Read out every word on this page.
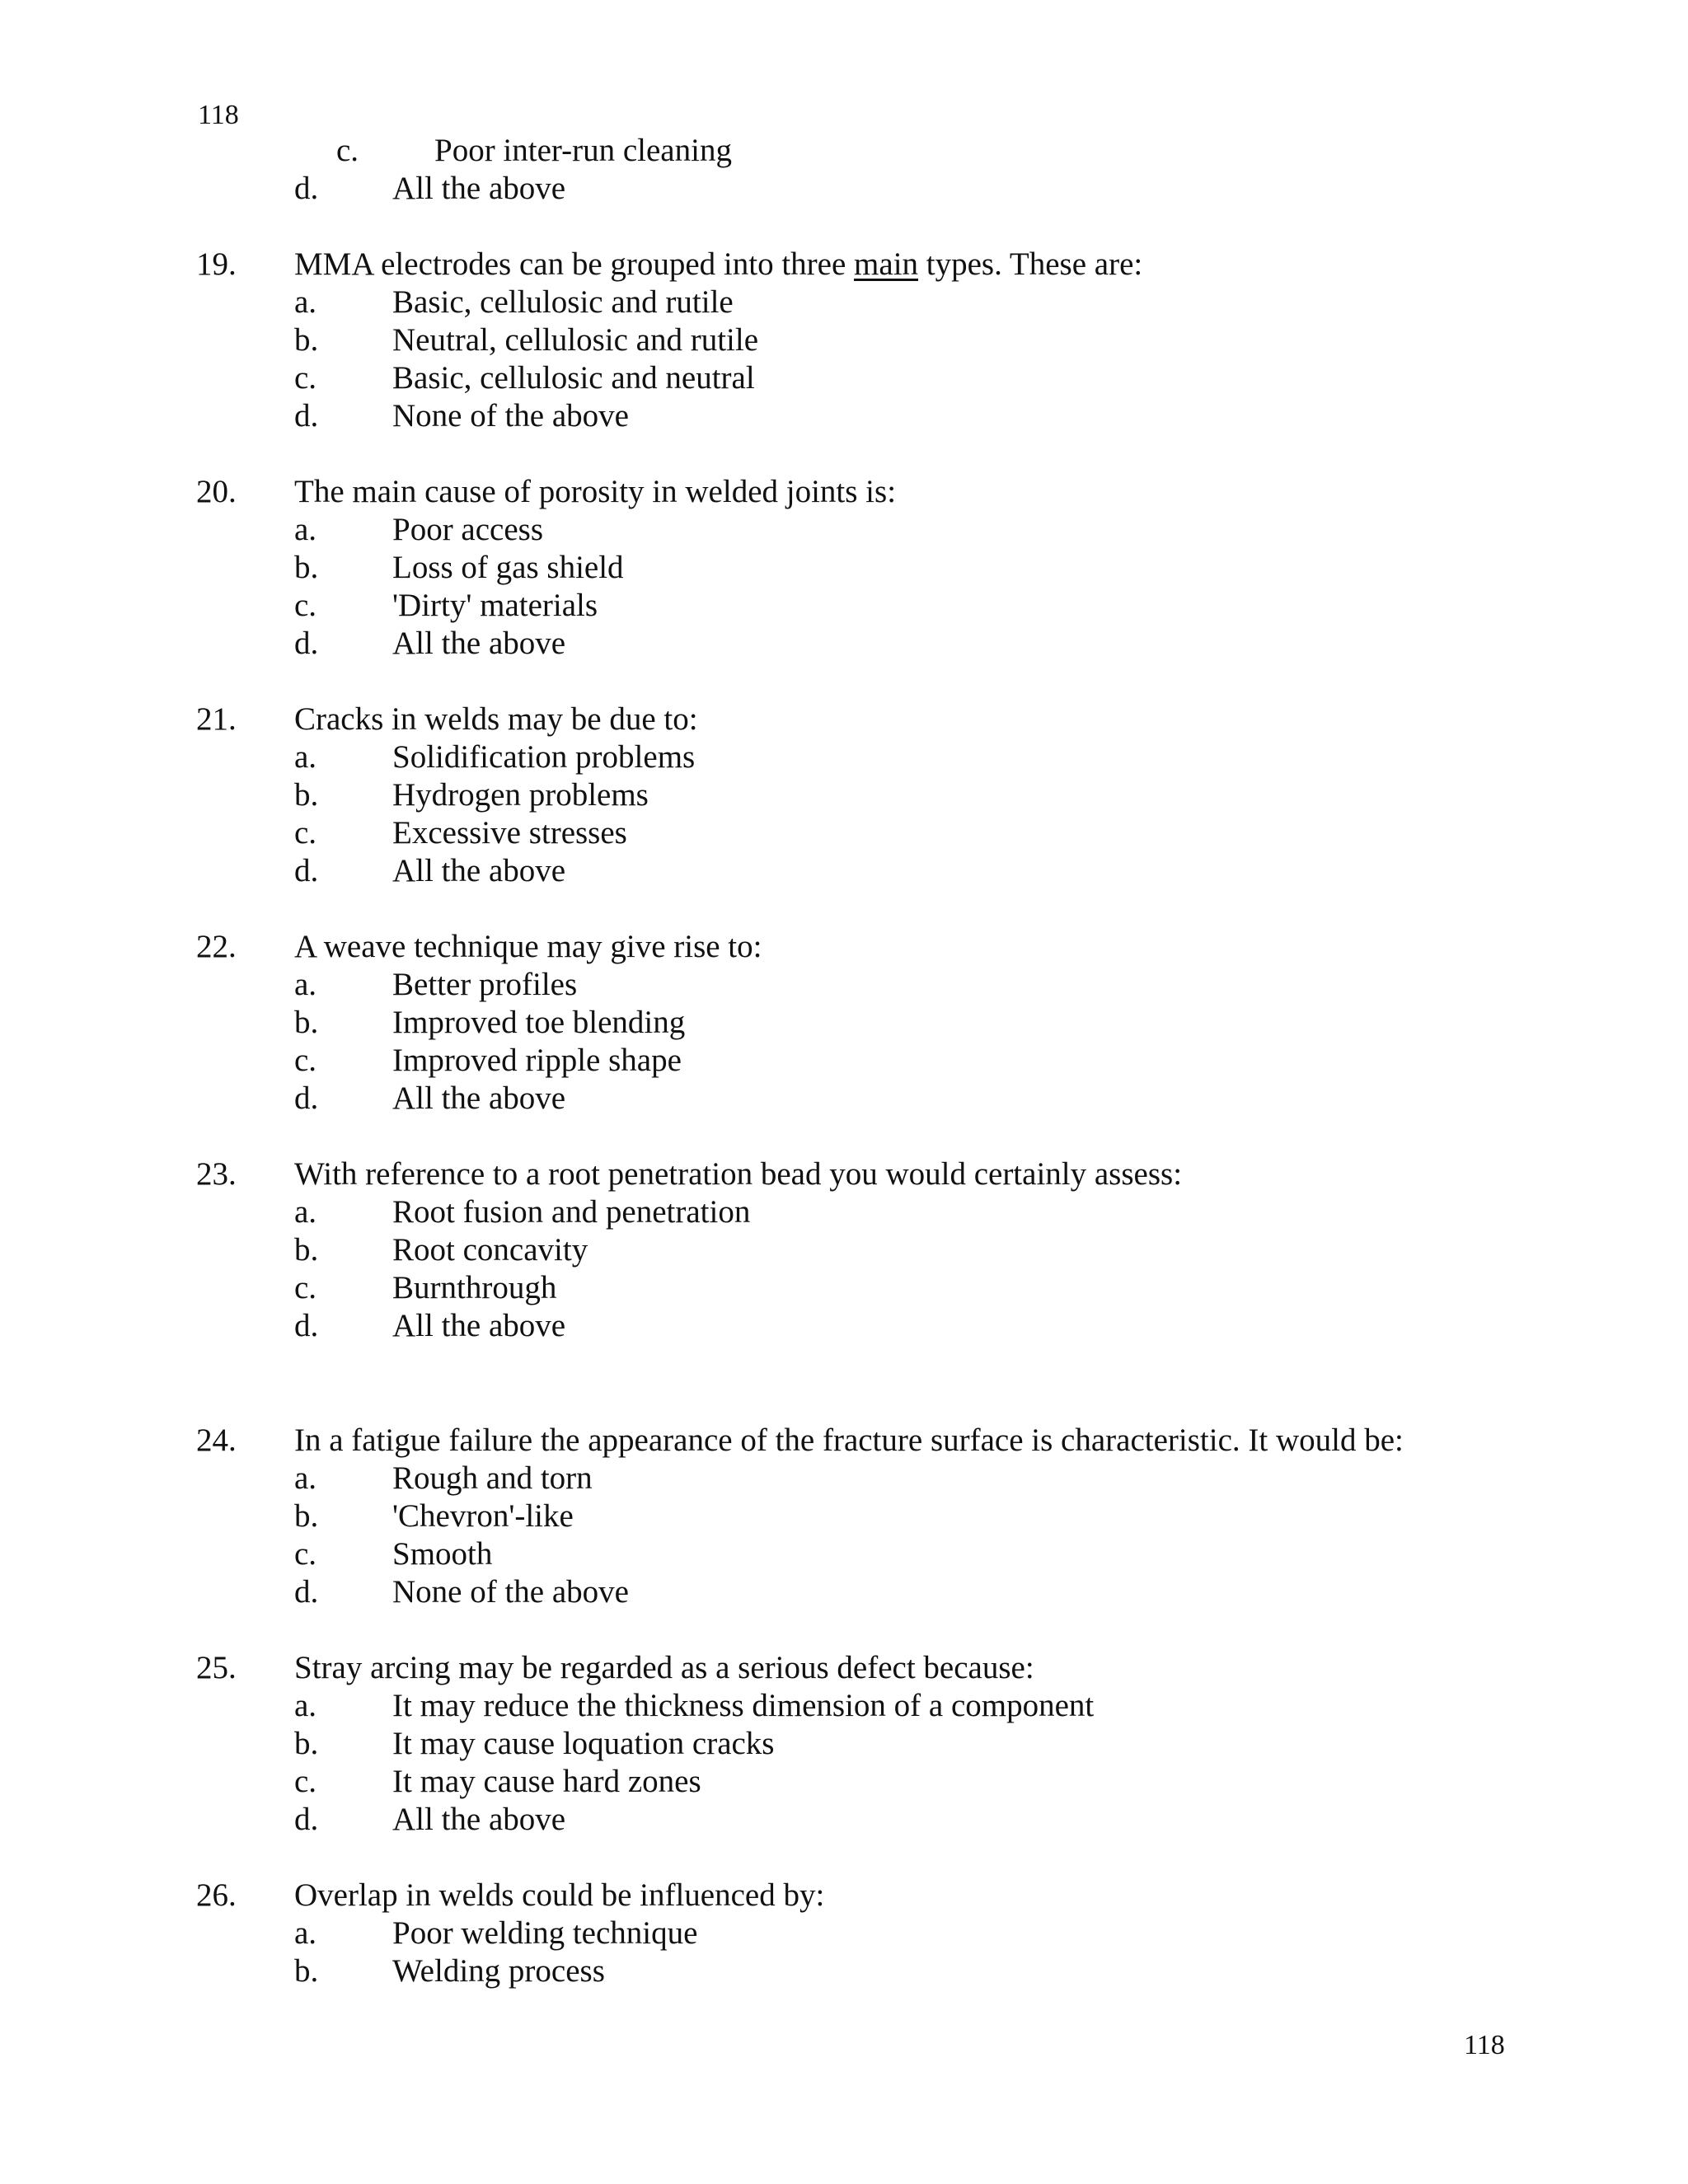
118
c. Poor inter-run cleaning
d. All the above
19. MMA electrodes can be grouped into three main types. These are:
a. Basic, cellulosic and rutile
b. Neutral, cellulosic and rutile
c. Basic, cellulosic and neutral
d. None of the above
20. The main cause of porosity in welded joints is:
a. Poor access
b. Loss of gas shield
c. 'Dirty' materials
d. All the above
21. Cracks in welds may be due to:
a. Solidification problems
b. Hydrogen problems
c. Excessive stresses
d. All the above
22. A weave technique may give rise to:
a. Better profiles
b. Improved toe blending
c. Improved ripple shape
d. All the above
23. With reference to a root penetration bead you would certainly assess:
a. Root fusion and penetration
b. Root concavity
c. Burnthrough
d. All the above
24. In a fatigue failure the appearance of the fracture surface is characteristic. It would be:
a. Rough and torn
b. 'Chevron'-like
c. Smooth
d. None of the above
25. Stray arcing may be regarded as a serious defect because:
a. It may reduce the thickness dimension of a component
b. It may cause loquation cracks
c. It may cause hard zones
d. All the above
26. Overlap in welds could be influenced by:
a. Poor welding technique
b. Welding process
118
